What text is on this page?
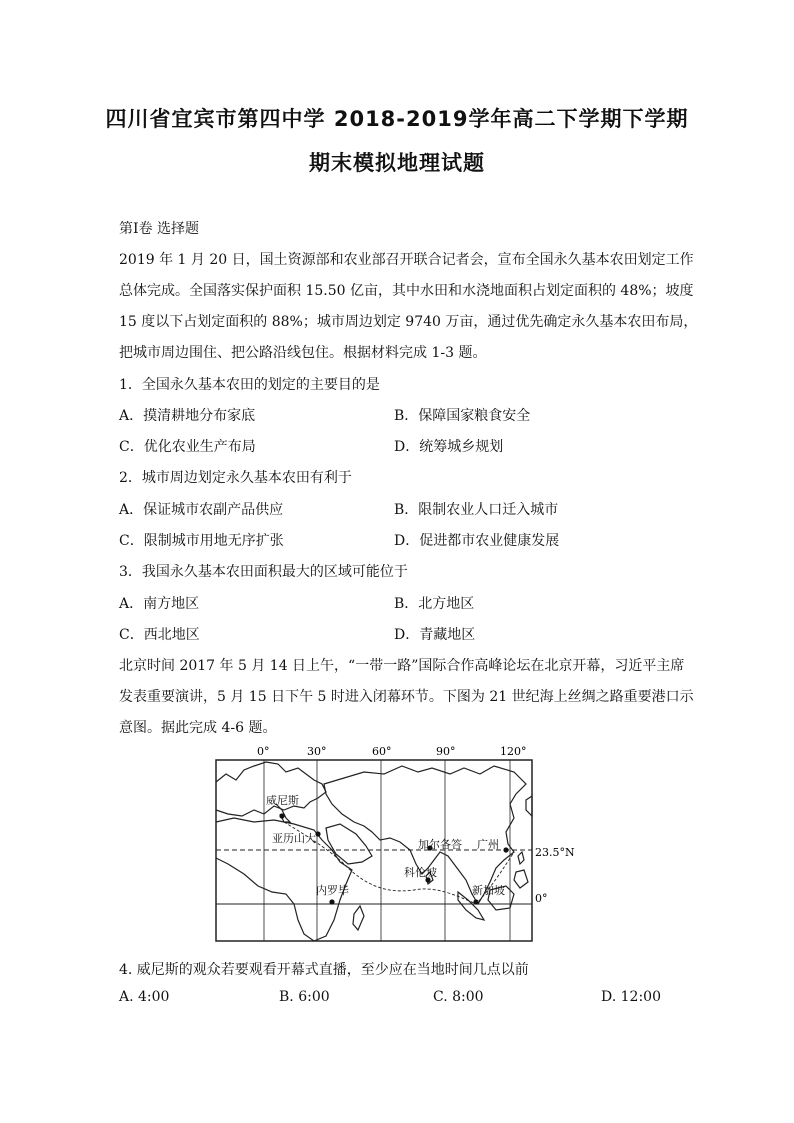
四川省宜宾市第四中学 2018-2019学年高二下学期下学期
期末模拟地理试题
第Ⅰ卷 选择题
2019 年 1 月 20 日，国土资源部和农业部召开联合记者会，宣布全国永久基本农田划定工作
总体完成。全国落实保护面积 15.50 亿亩，其中水田和水浇地面积占划定面积的 48%；坡度
15 度以下占划定面积的 88%；城市周边划定 9740 万亩，通过优先确定永久基本农田布局，
把城市周边围住、把公路沿线包住。根据材料完成 1-3 题。
1．全国永久基本农田的划定的主要目的是
A．摸清耕地分布家底	B．保障国家粮食安全
C．优化农业生产布局	D．统筹城乡规划
2．城市周边划定永久基本农田有利于
A．保证城市农副产品供应	B．限制农业人口迁入城市
C．限制城市用地无序扩张	D．促进都市农业健康发展
3．我国永久基本农田面积最大的区域可能位于
A．南方地区	B．北方地区
C．西北地区	D．青藏地区
北京时间 2017 年 5 月 14 日上午，“一带一路”国际合作高峰论坛在北京开幕，习近平主席
发表重要演讲，5 月 15 日下午 5 时进入闭幕环节。下图为 21 世纪海上丝绸之路重要港口示
意图。据此完成 4-6 题。
0°	30°	60°	90°	120°
23.5°N
0°
威尼斯
亚历山大
内罗毕
加尔各答 广州
科伦坡
新加坡
4. 威尼斯的观众若要观看开幕式直播，至少应在当地时间几点以前
A. 4:00	B. 6:00	C. 8:00	D. 12:00
